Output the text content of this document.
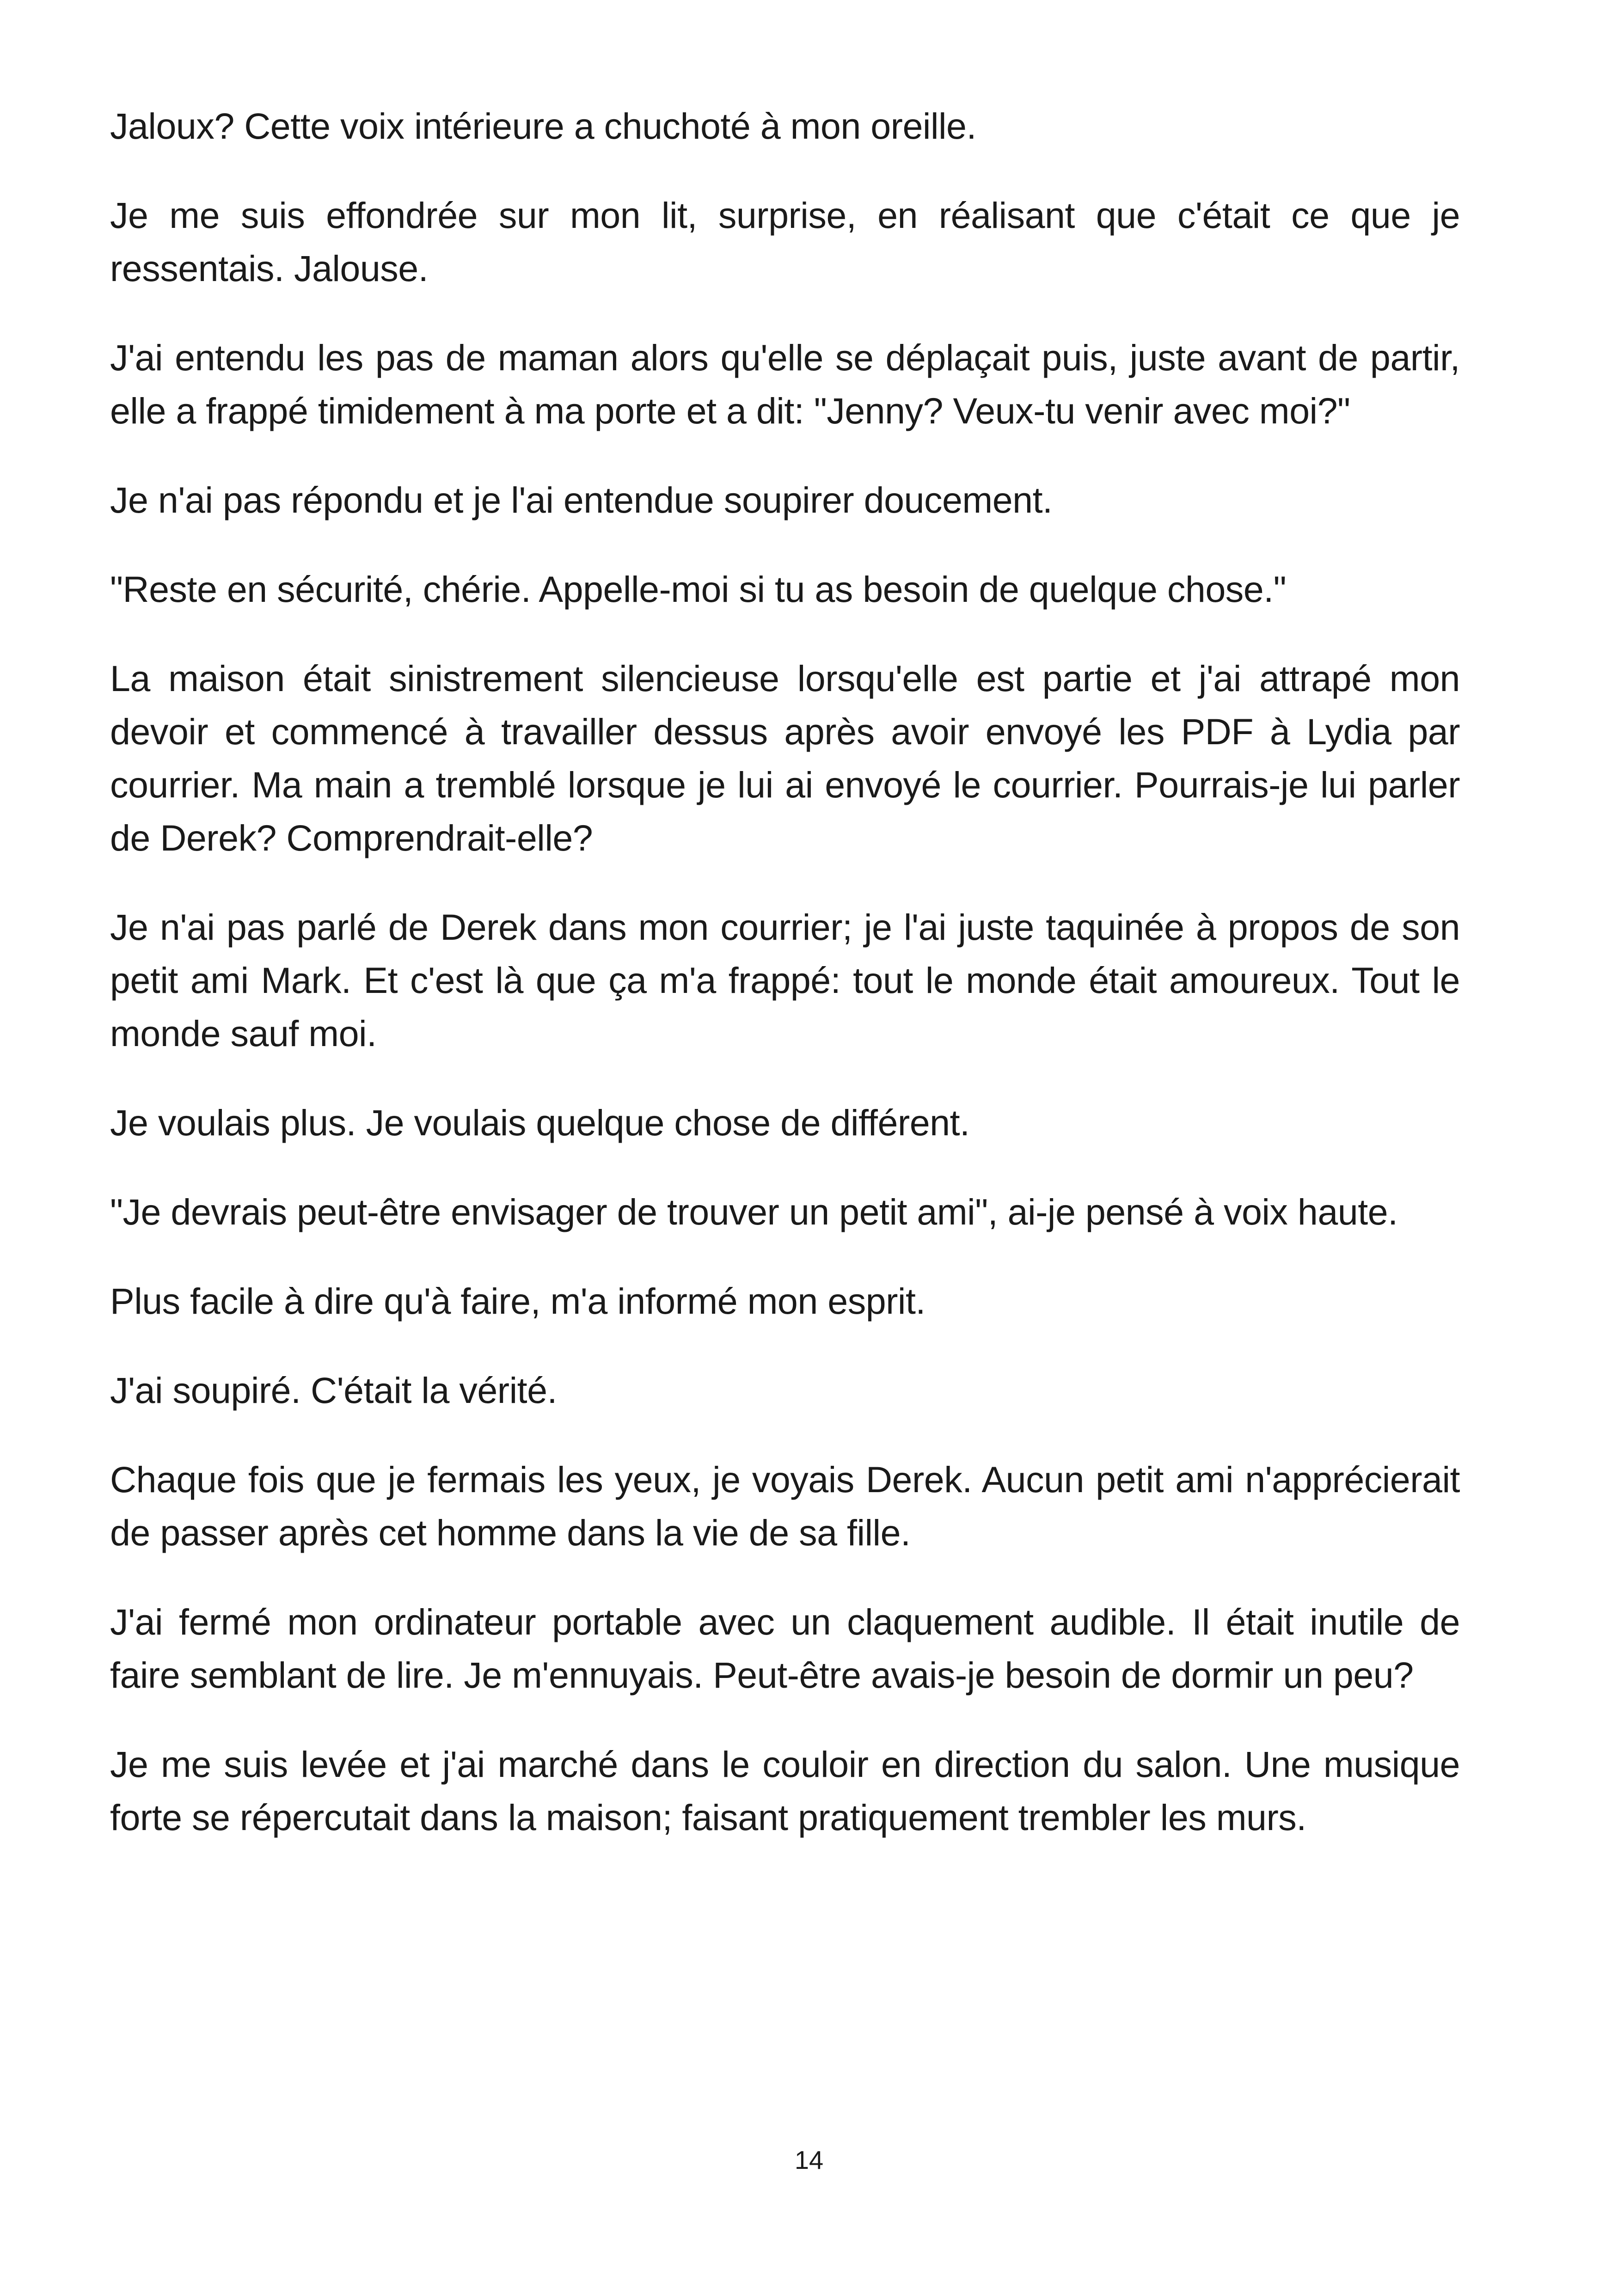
Jaloux? Cette voix intérieure a chuchoté à mon oreille.

Je me suis effondrée sur mon lit, surprise, en réalisant que c'était ce que je ressentais. Jalouse.

J'ai entendu les pas de maman alors qu'elle se déplaçait puis, juste avant de partir, elle a frappé timidement à ma porte et a dit: "Jenny? Veux-tu venir avec moi?"

Je n'ai pas répondu et je l'ai entendue soupirer doucement.

"Reste en sécurité, chérie. Appelle-moi si tu as besoin de quelque chose."

La maison était sinistrement silencieuse lorsqu'elle est partie et j'ai attrapé mon devoir et commencé à travailler dessus après avoir envoyé les PDF à Lydia par courrier. Ma main a tremblé lorsque je lui ai envoyé le courrier. Pourrais-je lui parler de Derek? Comprendrait-elle?

Je n'ai pas parlé de Derek dans mon courrier; je l'ai juste taquinée à propos de son petit ami Mark. Et c'est là que ça m'a frappé: tout le monde était amoureux. Tout le monde sauf moi.

Je voulais plus. Je voulais quelque chose de différent.

"Je devrais peut-être envisager de trouver un petit ami", ai-je pensé à voix haute.

Plus facile à dire qu'à faire, m'a informé mon esprit.

J'ai soupiré. C'était la vérité.

Chaque fois que je fermais les yeux, je voyais Derek. Aucun petit ami n'apprécierait de passer après cet homme dans la vie de sa fille.

J'ai fermé mon ordinateur portable avec un claquement audible. Il était inutile de faire semblant de lire. Je m'ennuyais. Peut-être avais-je besoin de dormir un peu?

Je me suis levée et j'ai marché dans le couloir en direction du salon. Une musique forte se répercutait dans la maison; faisant pratiquement trembler les murs.

14
